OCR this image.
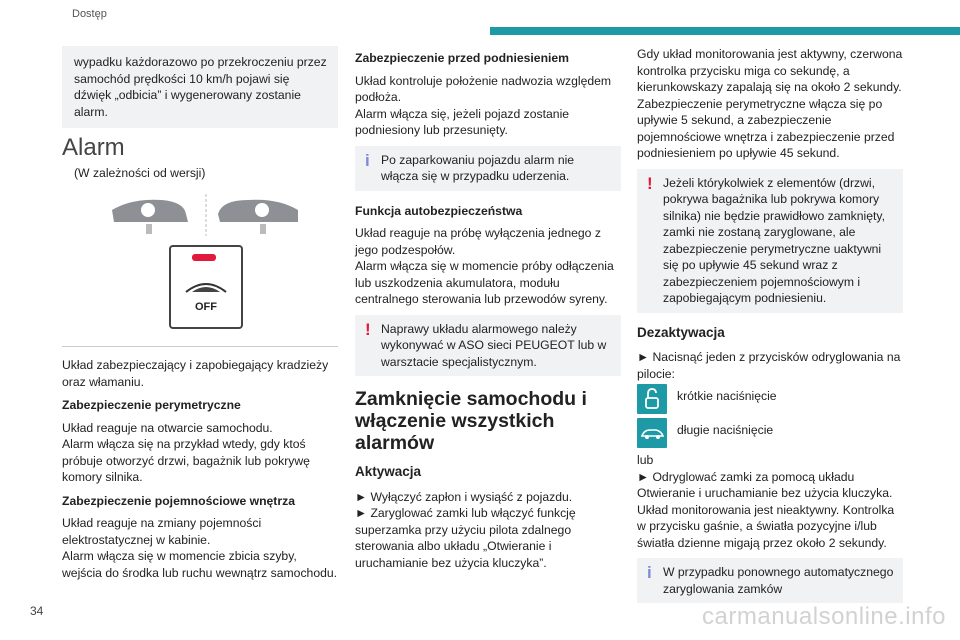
Dostęp
wypadku każdorazowo po przekroczeniu przez samochód prędkości 10 km/h pojawi się dźwięk „odbicia” i wygenerowany zostanie alarm.
Alarm

(W zależności od wersji)

OFF

Układ zabezpieczający i zapobiegający kradzieży oraz włamaniu.

Zabezpieczenie perymetryczne

Układ reaguje na otwarcie samochodu.

Alarm włącza się na przykład wtedy, gdy ktoś próbuje otworzyć drzwi, bagażnik lub pokrywę komory silnika.

Zabezpieczenie pojemnościowe wnętrza

Układ reaguje na zmiany pojemności elektrostatycznej w kabinie.

Alarm włącza się w momencie zbicia szyby, wejścia do środka lub ruchu wewnątrz samochodu.

Zabezpieczenie przed podniesieniem

Układ kontroluje położenie nadwozia względem podłoża.

Alarm włącza się, jeżeli pojazd zostanie podniesiony lub przesunięty.

i Po zaparkowaniu pojazdu alarm nie włącza się w przypadku uderzenia.
Funkcja autobezpieczeństwa

Układ reaguje na próbę wyłączenia jednego z jego podzespołów.

Alarm włącza się w momencie próby odłączenia lub uszkodzenia akumulatora, modułu centralnego sterowania lub przewodów syreny.

! Naprawy układu alarmowego należy wykonywać w ASO sieci PEUGEOT lub w warsztacie specjalistycznym.
Zamknięcie samochodu i włączenie wszystkich alarmów
Aktywacja

► Wyłączyć zapłon i wysiąść z pojazdu.

► Zaryglować zamki lub włączyć funkcję superzamka przy użyciu pilota zdalnego sterowania albo układu „Otwieranie i uruchamianie bez użycia kluczyka”.

Gdy układ monitorowania jest aktywny, czerwona kontrolka przycisku miga co sekundę, a kierunkowskazy zapalają się na około 2 sekundy.

Zabezpieczenie perymetryczne włącza się po upływie 5 sekund, a zabezpieczenie pojemnościowe wnętrza i zabezpieczenie przed podniesieniem po upływie 45 sekund.

! Jeżeli którykolwiek z elementów (drzwi, pokrywa bagażnika lub pokrywa komory silnika) nie będzie prawidłowo zamknięty, zamki nie zostaną zaryglowane, ale zabezpieczenie perymetryczne uaktywni się po upływie 45 sekund wraz z zabezpieczeniem pojemnościowym i zapobiegającym podniesieniu.
Dezaktywacja

► Nacisnąć jeden z przycisków odryglowania na pilocie:

krótkie naciśnięcie
długie naciśnięcie

lub

► Odryglować zamki za pomocą układu Otwieranie i uruchamianie bez użycia kluczyka.

Układ monitorowania jest nieaktywny. Kontrolka w przycisku gaśnie, a światła pozycyjne i/lub światła dzienne migają przez około 2 sekundy.

i W przypadku ponownego automatycznego zaryglowania zamków
34	carmanualsonline.info
